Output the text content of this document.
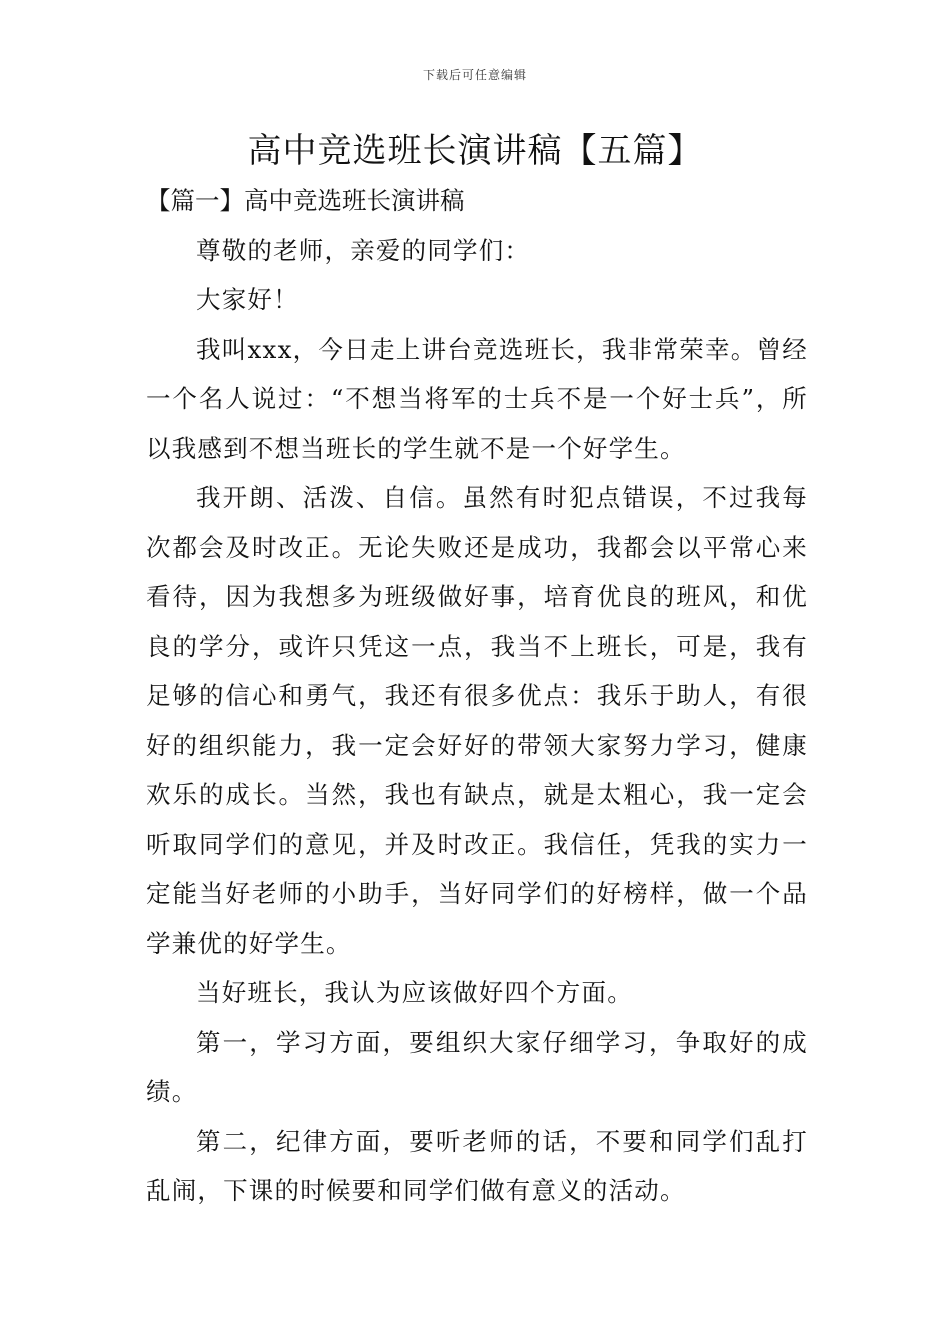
下载后可任意编辑
高中竞选班长演讲稿【五篇】

【篇一】高中竞选班长演讲稿

尊敬的老师，亲爱的同学们：

大家好！

我叫xxx，今日走上讲台竞选班长，我非常荣幸。曾经一个名人说过：“不想当将军的士兵不是一个好士兵”，所以我感到不想当班长的学生就不是一个好学生。

我开朗、活泼、自信。虽然有时犯点错误，不过我每次都会及时改正。无论失败还是成功，我都会以平常心来看待，因为我想多为班级做好事，培育优良的班风，和优良的学分，或许只凭这一点，我当不上班长，可是，我有足够的信心和勇气，我还有很多优点：我乐于助人，有很好的组织能力，我一定会好好的带领大家努力学习，健康欢乐的成长。当然，我也有缺点，就是太粗心，我一定会听取同学们的意见，并及时改正。我信任，凭我的实力一定能当好老师的小助手，当好同学们的好榜样，做一个品学兼优的好学生。

当好班长，我认为应该做好四个方面。

第一，学习方面，要组织大家仔细学习，争取好的成绩。

第二，纪律方面，要听老师的话，不要和同学们乱打乱闹，下课的时候要和同学们做有意义的活动。
